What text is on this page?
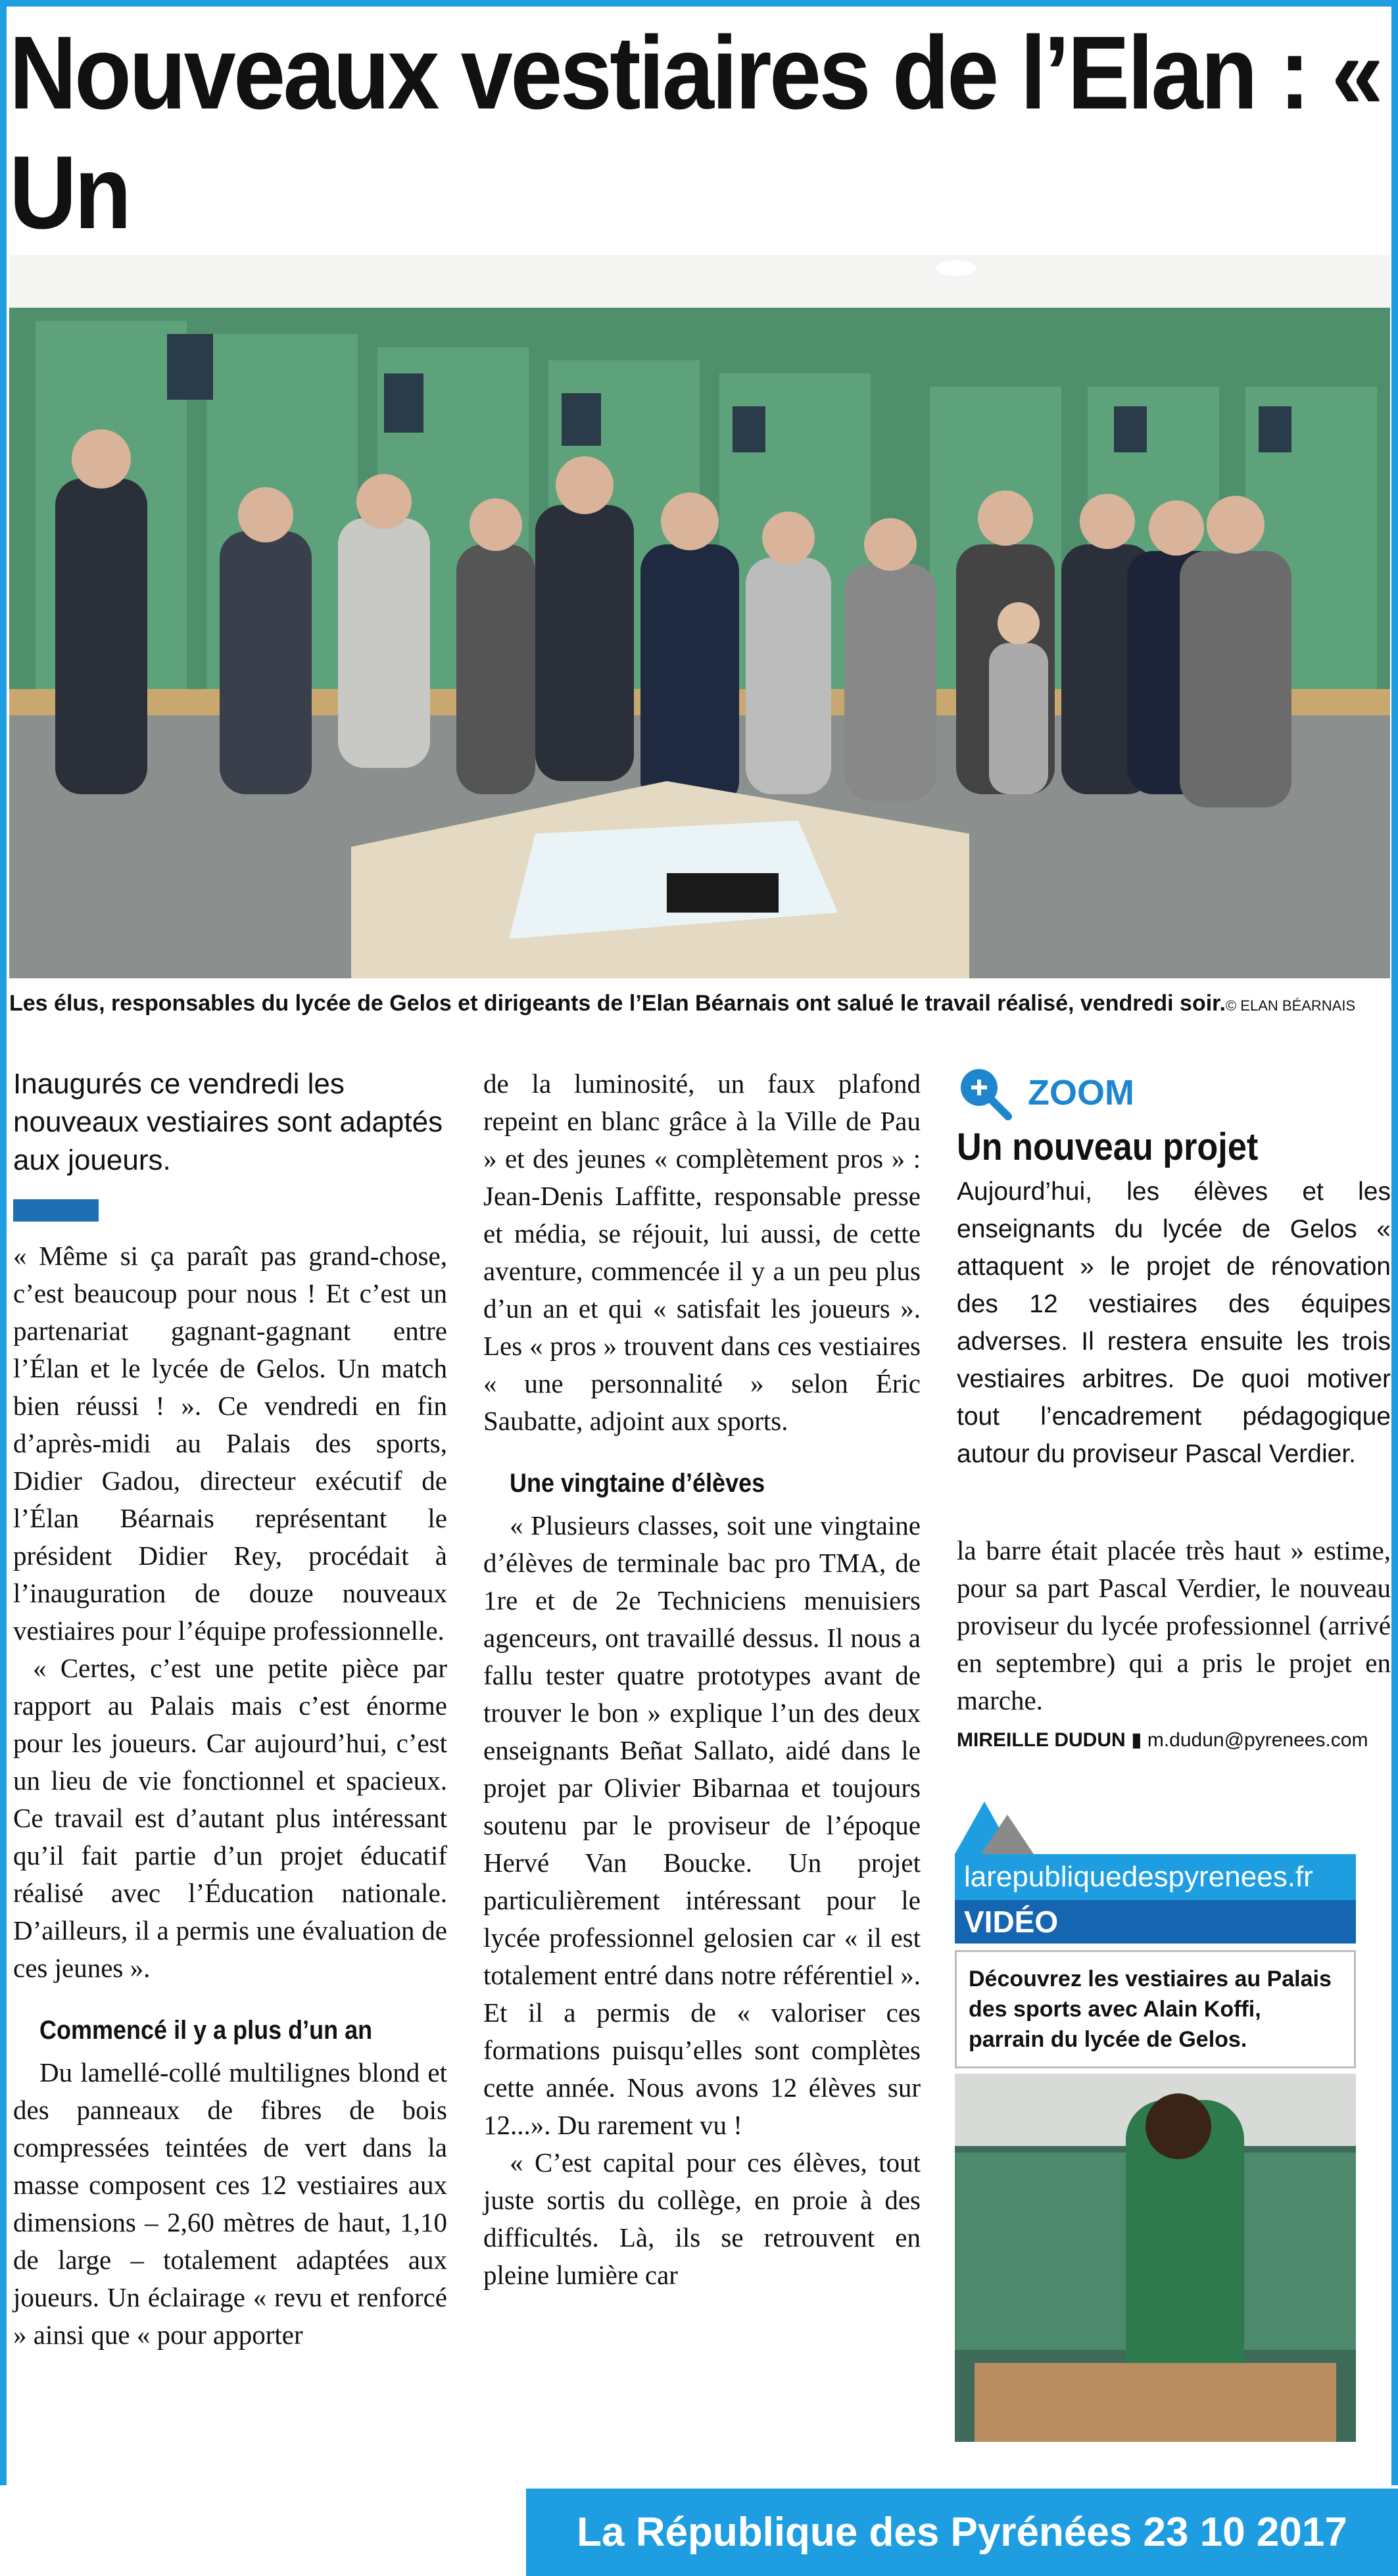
Nouveaux vestiaires de l’Elan : « Un

Les élus, responsables du lycée de Gelos et dirigeants de l’Elan Béarnais ont salué le travail réalisé, vendredi soir.© ELAN BÉARNAIS

Inaugurés ce vendredi les nouveaux vestiaires sont adaptés aux joueurs.

« Même si ça paraît pas grand-chose, c’est beaucoup pour nous ! Et c’est un partenariat gagnant-gagnant entre l’Élan et le lycée de Gelos. Un match bien réussi ! ». Ce vendredi en fin d’après-midi au Palais des sports, Didier Gadou, directeur exécutif de l’Élan Béarnais représentant le président Didier Rey, procédait à l’inauguration de douze nouveaux vestiaires pour l’équipe professionnelle.

« Certes, c’est une petite pièce par rapport au Palais mais c’est énorme pour les joueurs. Car aujourd’hui, c’est un lieu de vie fonctionnel et spacieux. Ce travail est d’autant plus intéressant qu’il fait partie d’un projet éducatif réalisé avec l’Éducation nationale. D’ailleurs, il a permis une évaluation de ces jeunes ».

Commencé il y a plus d’un an

Du lamellé-collé multilignes blond et des panneaux de fibres de bois compressées teintées de vert dans la masse composent ces 12 vestiaires aux dimensions – 2,60 mètres de haut, 1,10 de large – totalement adaptées aux joueurs. Un éclairage « revu et renforcé » ainsi que « pour apporter

de la luminosité, un faux plafond repeint en blanc grâce à la Ville de Pau » et des jeunes « complètement pros » : Jean-Denis Laffitte, responsable presse et média, se réjouit, lui aussi, de cette aventure, commencée il y a un peu plus d’un an et qui « satisfait les joueurs ». Les « pros » trouvent dans ces vestiaires « une personnalité » selon Éric Saubatte, adjoint aux sports.

Une vingtaine d’élèves

« Plusieurs classes, soit une vingtaine d’élèves de terminale bac pro TMA, de 1re et de 2e Techniciens menuisiers agenceurs, ont travaillé dessus. Il nous a fallu tester quatre prototypes avant de trouver le bon » explique l’un des deux enseignants Beñat Sallato, aidé dans le projet par Olivier Bibarnaa et toujours soutenu par le proviseur de l’époque Hervé Van Boucke. Un projet particulièrement intéressant pour le lycée professionnel gelosien car « il est totalement entré dans notre référentiel ». Et il a permis de « valoriser ces formations puisqu’elles sont complètes cette année. Nous avons 12 élèves sur 12...». Du rarement vu !

« C’est capital pour ces élèves, tout juste sortis du collège, en proie à des difficultés. Là, ils se retrouvent en pleine lumière car

ZOOM
Un nouveau projet

Aujourd’hui, les élèves et les enseignants du lycée de Gelos « attaquent » le projet de rénovation des 12 vestiaires des équipes adverses. Il restera ensuite les trois vestiaires arbitres. De quoi motiver tout l’encadrement pédagogique autour du proviseur Pascal Verdier.

la barre était placée très haut » estime, pour sa part Pascal Verdier, le nouveau proviseur du lycée professionnel (arrivé en septembre) qui a pris le projet en marche.

MIREILLE DUDUN ▮ m.dudun@pyrenees.com
larepubliquedespyrenees.fr
VIDÉO
Découvrez les vestiaires au Palais des sports avec Alain Koffi, parrain du lycée de Gelos.
La République des Pyrénées 23 10 2017
